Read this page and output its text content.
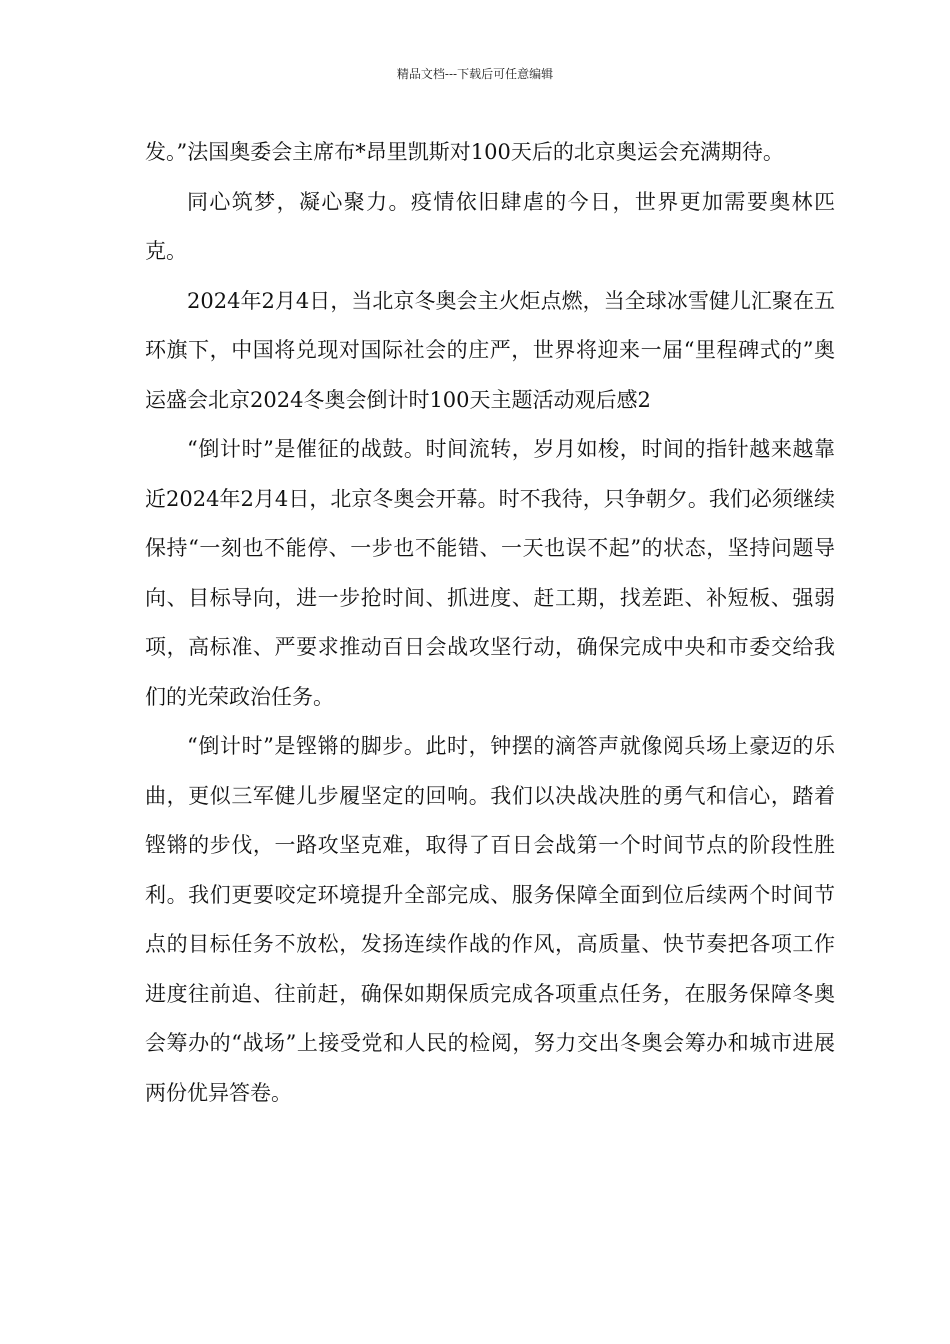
精品文档---下载后可任意编辑

发。”法国奥委会主席布*昂里凯斯对100天后的北京奥运会充满期待。

同心筑梦，凝心聚力。疫情依旧肆虐的今日，世界更加需要奥林匹克。

2024年2月4日，当北京冬奥会主火炬点燃，当全球冰雪健儿汇聚在五环旗下，中国将兑现对国际社会的庄严，世界将迎来一届“里程碑式的”奥运盛会北京2024冬奥会倒计时100天主题活动观后感2

“倒计时”是催征的战鼓。时间流转，岁月如梭，时间的指针越来越靠近2024年2月4日，北京冬奥会开幕。时不我待，只争朝夕。我们必须继续保持“一刻也不能停、一步也不能错、一天也误不起”的状态，坚持问题导向、目标导向，进一步抢时间、抓进度、赶工期，找差距、补短板、强弱项，高标准、严要求推动百日会战攻坚行动，确保完成中央和市委交给我们的光荣政治任务。

“倒计时”是铿锵的脚步。此时，钟摆的滴答声就像阅兵场上豪迈的乐曲，更似三军健儿步履坚定的回响。我们以决战决胜的勇气和信心，踏着铿锵的步伐，一路攻坚克难，取得了百日会战第一个时间节点的阶段性胜利。我们更要咬定环境提升全部完成、服务保障全面到位后续两个时间节点的目标任务不放松，发扬连续作战的作风，高质量、快节奏把各项工作进度往前追、往前赶，确保如期保质完成各项重点任务，在服务保障冬奥会筹办的“战场”上接受党和人民的检阅，努力交出冬奥会筹办和城市进展两份优异答卷。
